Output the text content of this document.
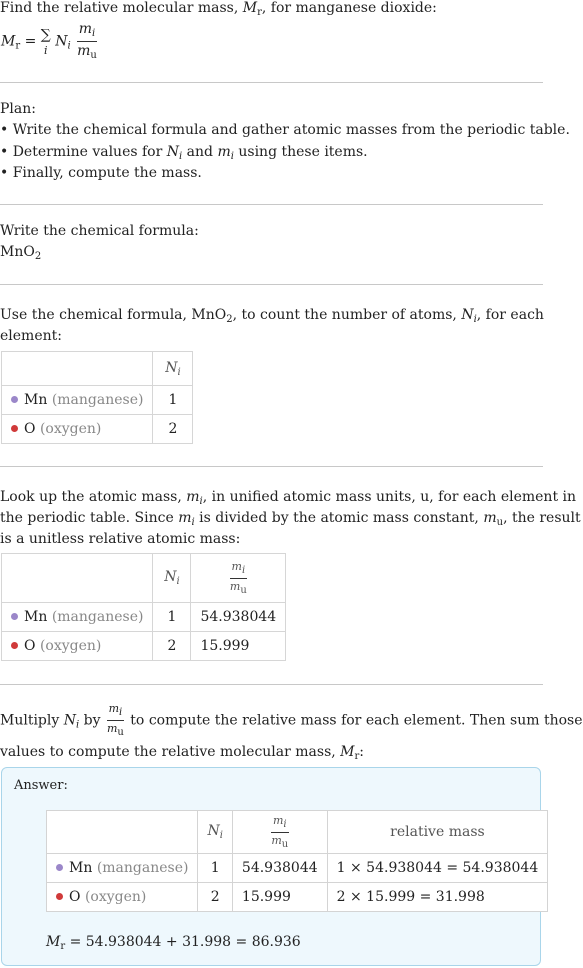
Find the relative molecular mass, $M_r$, for manganese dioxide:
$M_r$ = ∑
i
$N_i \frac{m_i}{m_u}$
Plan:
• Write the chemical formula and gather atomic masses from the periodic table.
• Determine values for $N_i$ and $m_i$ using these items.
• Finally, compute the mass.
Write the chemical formula:
MnO$_2$
Use the chemical formula, MnO$_2$, to count the number of atoms, $N_i$, for each
element:
	$N_i$
Mn (manganese)	1
O (oxygen)	2
Look up the atomic mass, $m_i$, in unified atomic mass units, u, for each element in
the periodic table. Since $m_i$ is divided by the atomic mass constant, $m_u$, the result
is a unitless relative atomic mass:
	$N_i$	$\frac{mi}{mu}$

Mn (manganese)	1	54.938044
O (oxygen)	2	15.999
Multiply $N_i$ by $\frac{mi}{mu}$ to compute the relative mass for each element. Then sum those
values to compute the relative molecular mass, $M_r$:
Answer:
	$N_i$	$\frac{mi}{mu}$	relative mass
Mn (manganese)	1	54.938044	1 × 54.938044 = 54.938044
O (oxygen)	2	15.999	2 × 15.999 = 31.998
$M_r = 54.938044 + 31.998 = 86.936$
